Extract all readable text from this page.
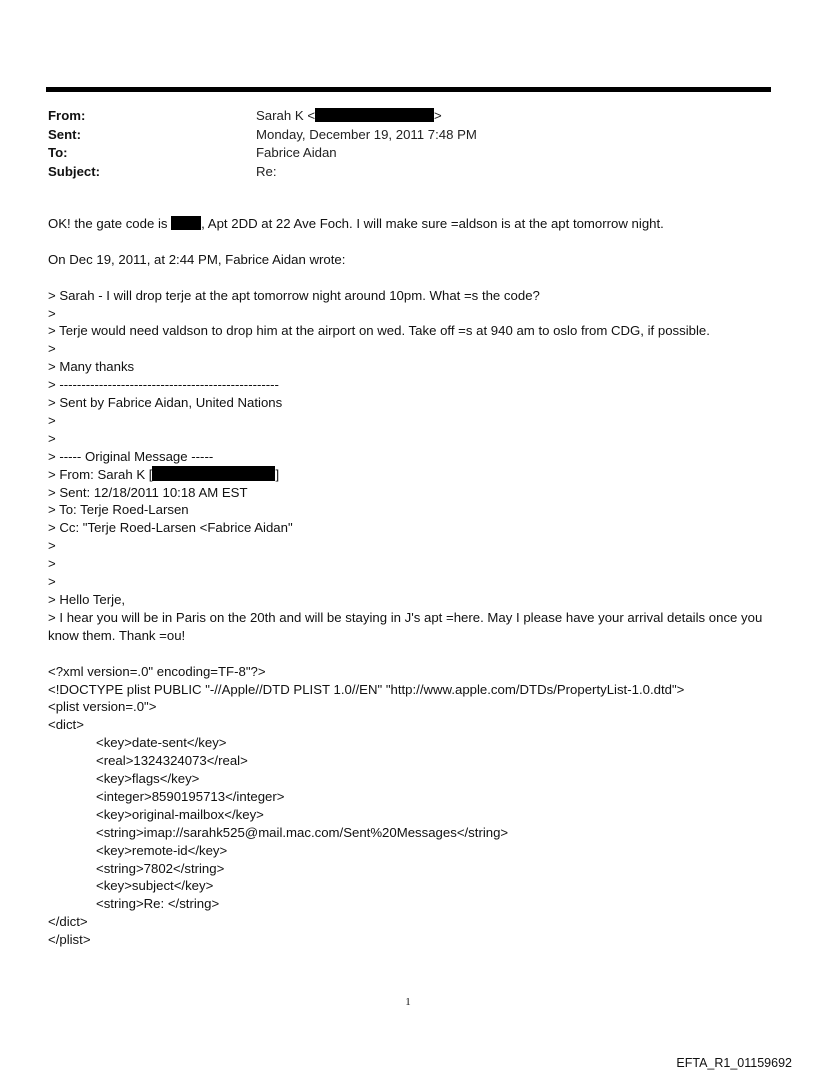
From:	Sarah K <	>
Sent:	Monday, December 19, 2011 7:48 PM
To:	Fabrice Aidan
Subject:	Re:
OK! the gate code is , Apt 2DD at 22 Ave Foch. I will make sure =aldson is at the apt tomorrow night.
On Dec 19, 2011, at 2:44 PM, Fabrice Aidan wrote:
> Sarah - I will drop terje at the apt tomorrow night around 10pm. What =s the code?
>
> Terje would need valdson to drop him at the airport on wed. Take off =s at 940 am to oslo from CDG, if possible.
>
> Many thanks
> --------------------------------------------------
> Sent by Fabrice Aidan, United Nations
>
>
> ----- Original Message -----
> From: Sarah K [	]
> Sent: 12/18/2011 10:18 AM EST
> To: Terje Roed-Larsen
> Cc: "Terje Roed-Larsen <Fabrice Aidan"
>
>
>
> Hello Terje,
> I hear you will be in Paris on the 20th and will be staying in J's apt =here. May I please have your arrival details once you know them. Thank =ou!
<?xml version=.0" encoding=TF-8"?>
<!DOCTYPE plist PUBLIC "-//Apple//DTD PLIST 1.0//EN" "http://www.apple.com/DTDs/PropertyList-1.0.dtd">
<plist version=.0">
<dict>
<key>date-sent</key>
<real>1324324073</real>
<key>flags</key>
<integer>8590195713</integer>
<key>original-mailbox</key>
<string>imap://sarahk525@mail.mac.com/Sent%20Messages</string>
<key>remote-id</key>
<string>7802</string>
<key>subject</key>
<string>Re: </string>
</dict>
</plist>
1
EFTA_R1_01159692
